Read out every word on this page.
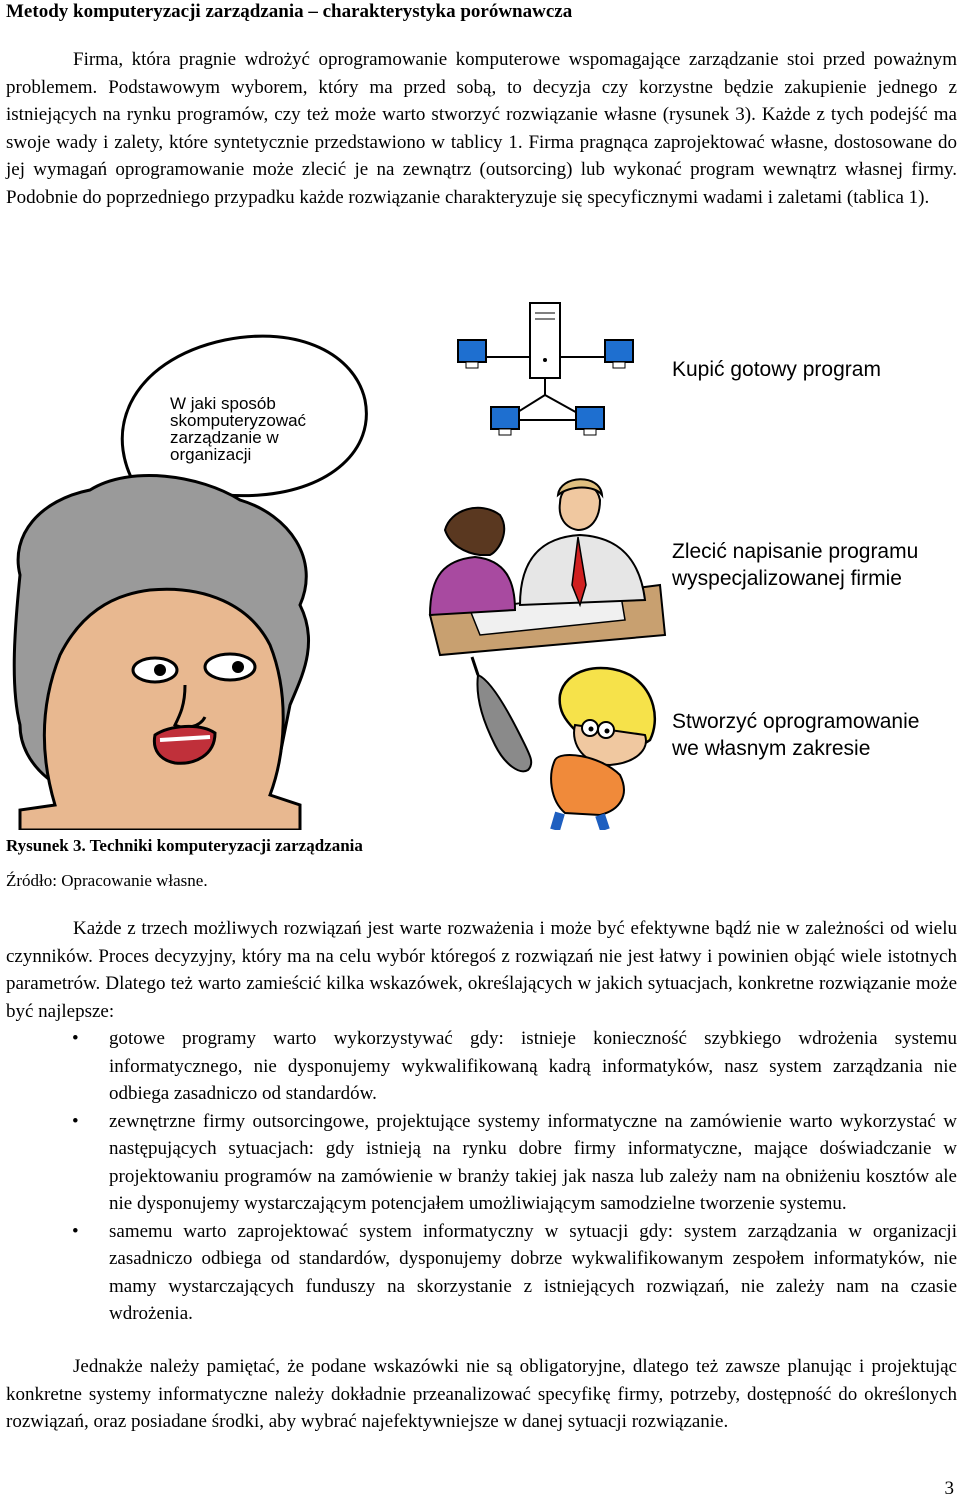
Metody komputeryzacji zarządzania – charakterystyka porównawcza

Firma, która pragnie wdrożyć oprogramowanie komputerowe wspomagające zarządzanie stoi przed poważnym problemem. Podstawowym wyborem, który ma przed sobą, to decyzja czy korzystne będzie zakupienie jednego z istniejących na rynku programów, czy też może warto stworzyć rozwiązanie własne (rysunek 3). Każde z tych podejść ma swoje wady i zalety, które syntetycznie przedstawiono w tablicy 1. Firma pragnąca zaprojektować własne, dostosowane do jej wymagań oprogramowanie może zlecić je na zewnątrz (outsorcing) lub wykonać program wewnątrz własnej firmy. Podobnie do poprzedniego przypadku każde rozwiązanie charakteryzuje się specyficznymi wadami i zaletami (tablica 1).

W jaki sposób skomputeryzować zarządzanie w organizacji
Kupić gotowy program
Zlecić napisanie programu
wyspecjalizowanej firmie
Stworzyć oprogramowanie
we własnym zakresie
Rysunek 3. Techniki komputeryzacji zarządzania
Źródło: Opracowanie własne.

Każde z trzech możliwych rozwiązań jest warte rozważenia i może być efektywne bądź nie w zależności od wielu czynników. Proces decyzyjny, który ma na celu wybór któregoś z rozwiązań nie jest łatwy i powinien objąć wiele istotnych parametrów. Dlatego też warto zamieścić kilka wskazówek, określających w jakich sytuacjach, konkretne rozwiązanie może być najlepsze:

• gotowe programy warto wykorzystywać gdy: istnieje konieczność szybkiego wdrożenia systemu informatycznego, nie dysponujemy wykwalifikowaną kadrą informatyków, nasz system zarządzania nie odbiega zasadniczo od standardów.
• zewnętrzne firmy outsorcingowe, projektujące systemy informatyczne na zamówienie warto wykorzystać w następujących sytuacjach: gdy istnieją na rynku dobre firmy informatyczne, mające doświadczanie w projektowaniu programów na zamówienie w branży takiej jak nasza lub zależy nam na obniżeniu kosztów ale nie dysponujemy wystarczającym potencjałem umożliwiającym samodzielne tworzenie systemu.
• samemu warto zaprojektować system informatyczny w sytuacji gdy: system zarządzania w organizacji zasadniczo odbiega od standardów, dysponujemy dobrze wykwalifikowanym zespołem informatyków, nie mamy wystarczających funduszy na skorzystanie z istniejących rozwiązań, nie zależy nam na czasie wdrożenia.

Jednakże należy pamiętać, że podane wskazówki nie są obligatoryjne, dlatego też zawsze planując i projektując konkretne systemy informatyczne należy dokładnie przeanalizować specyfikę firmy, potrzeby, dostępność do określonych rozwiązań, oraz posiadane środki, aby wybrać najefektywniejsze w danej sytuacji rozwiązanie.

3
